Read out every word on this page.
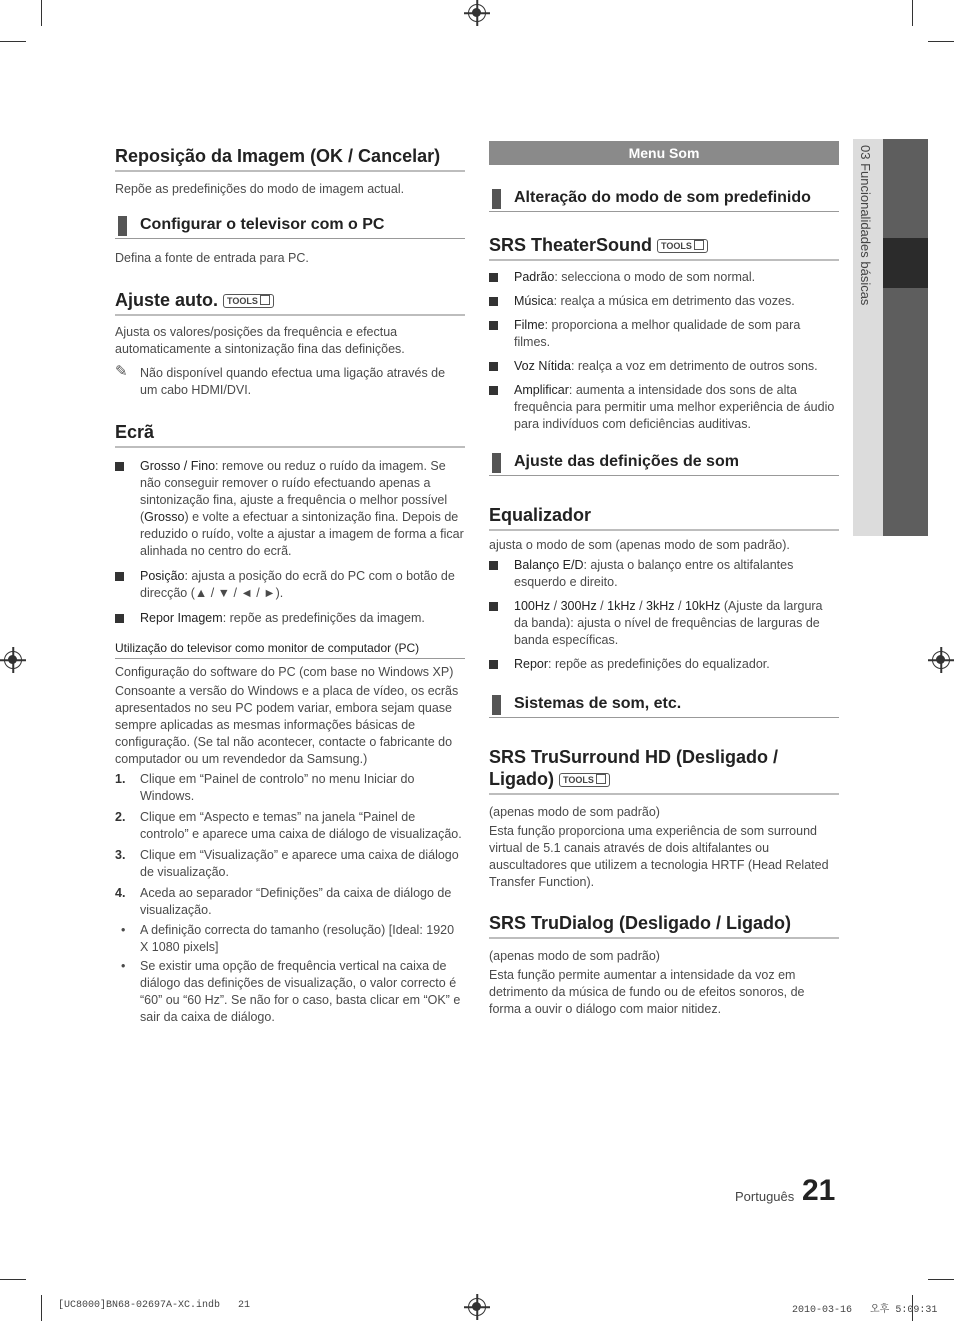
03 Funcionalidades básicas
Reposição da Imagem (OK / Cancelar)

Repõe as predefinições do modo de imagem actual.

Configurar o televisor com o PC

Defina a fonte de entrada para PC.

Ajuste auto. TOOLS

Ajusta os valores/posições da frequência e efectua automaticamente a sintonização fina das definições.

✎ Não disponível quando efectua uma ligação através de um cabo HDMI/DVI.

Ecrã

Grosso / Fino: remove ou reduz o ruído da imagem. Se não conseguir remover o ruído efectuando apenas a sintonização fina, ajuste a frequência o melhor possível (Grosso) e volte a efectuar a sintonização fina. Depois de reduzido o ruído, volte a ajustar a imagem de forma a ficar alinhada no centro do ecrã.

Posição: ajusta a posição do ecrã do PC com o botão de direcção (▲ / ▼ / ◄ / ►).

Repor Imagem: repõe as predefinições da imagem.

Utilização do televisor como monitor de computador (PC)

Configuração do software do PC (com base no Windows XP)

Consoante a versão do Windows e a placa de vídeo, os ecrãs apresentados no seu PC podem variar, embora sejam quase sempre aplicadas as mesmas informações básicas de configuração. (Se tal não acontecer, contacte o fabricante do computador ou um revendedor da Samsung.)

1. Clique em “Painel de controlo” no menu Iniciar do Windows.

2. Clique em “Aspecto e temas” na janela “Painel de controlo” e aparece uma caixa de diálogo de visualização.

3. Clique em “Visualização” e aparece uma caixa de diálogo de visualização.

4. Aceda ao separador “Definições” da caixa de diálogo de visualização.

• A definição correcta do tamanho (resolução) [Ideal: 1920 X 1080 pixels]

• Se existir uma opção de frequência vertical na caixa de diálogo das definições de visualização, o valor correcto é “60” ou “60 Hz”. Se não for o caso, basta clicar em “OK” e sair da caixa de diálogo.

Menu Som
Alteração do modo de som predefinido
SRS TheaterSound TOOLS

Padrão: selecciona o modo de som normal.

Música: realça a música em detrimento das vozes.

Filme: proporciona a melhor qualidade de som para filmes.

Voz Nítida: realça a voz em detrimento de outros sons.

Amplificar: aumenta a intensidade dos sons de alta frequência para permitir uma melhor experiência de áudio para indivíduos com deficiências auditivas.

Ajuste das definições de som
Equalizador

ajusta o modo de som (apenas modo de som padrão).

Balanço E/D: ajusta o balanço entre os altifalantes esquerdo e direito.

100Hz / 300Hz / 1kHz / 3kHz / 10kHz (Ajuste da largura da banda): ajusta o nível de frequências de larguras de banda específicas.

Repor: repõe as predefinições do equalizador.

Sistemas de som, etc.
SRS TruSurround HD (Desligado / Ligado) TOOLS

(apenas modo de som padrão)

Esta função proporciona uma experiência de som surround virtual de 5.1 canais através de dois altifalantes ou auscultadores que utilizem a tecnologia HRTF (Head Related Transfer Function).

SRS TruDialog (Desligado / Ligado)

(apenas modo de som padrão)

Esta função permite aumentar a intensidade da voz em detrimento da música de fundo ou de efeitos sonoros, de forma a ouvir o diálogo com maior nitidez.

Português 21
[UC8000]BN68-02697A-XC.indb   21	2010-03-16   오후 5:09:31
